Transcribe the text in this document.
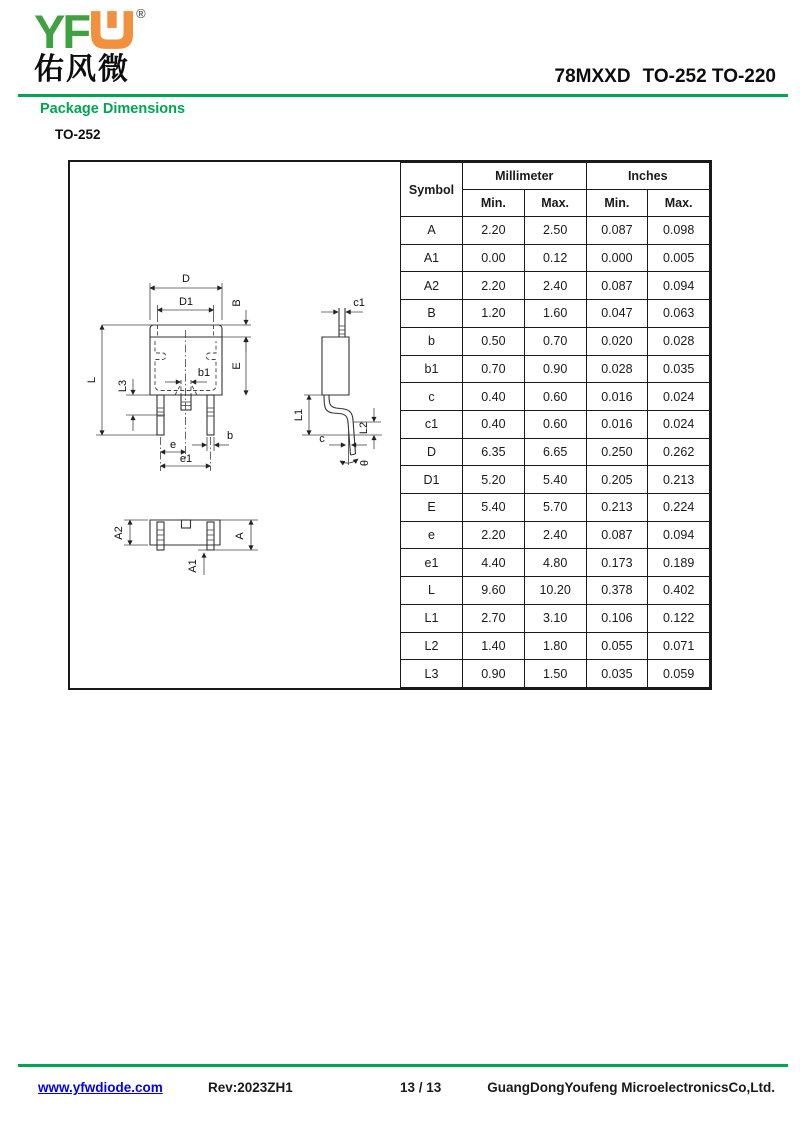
YF	®
佑风微	78MXXD TO-252 TO-220
Package Dimensions
TO-252
D
D1	B
E
L L3
b1
e
e1
b
c1
L1
L2
c
θ
A2	A
A1
Symbol	Millimeter		Inches	
	Min.	Max.	Min.	Max.
A	2.20	2.50	0.087	0.098
A1	0.00	0.12	0.000	0.005
A2	2.20	2.40	0.087	0.094
B	1.20	1.60	0.047	0.063
b	0.50	0.70	0.020	0.028
b1	0.70	0.90	0.028	0.035
c	0.40	0.60	0.016	0.024
c1	0.40	0.60	0.016	0.024
D	6.35	6.65	0.250	0.262
D1	5.20	5.40	0.205	0.213
E	5.40	5.70	0.213	0.224
e	2.20	2.40	0.087	0.094
e1	4.40	4.80	0.173	0.189
L	9.60	10.20	0.378	0.402
L1	2.70	3.10	0.106	0.122
L2	1.40	1.80	0.055	0.071
L3	0.90	1.50	0.035	0.059
www.yfwdiode.com	Rev:2023ZH1	13 / 13	GuangDongYoufeng MicroelectronicsCo,Ltd.
